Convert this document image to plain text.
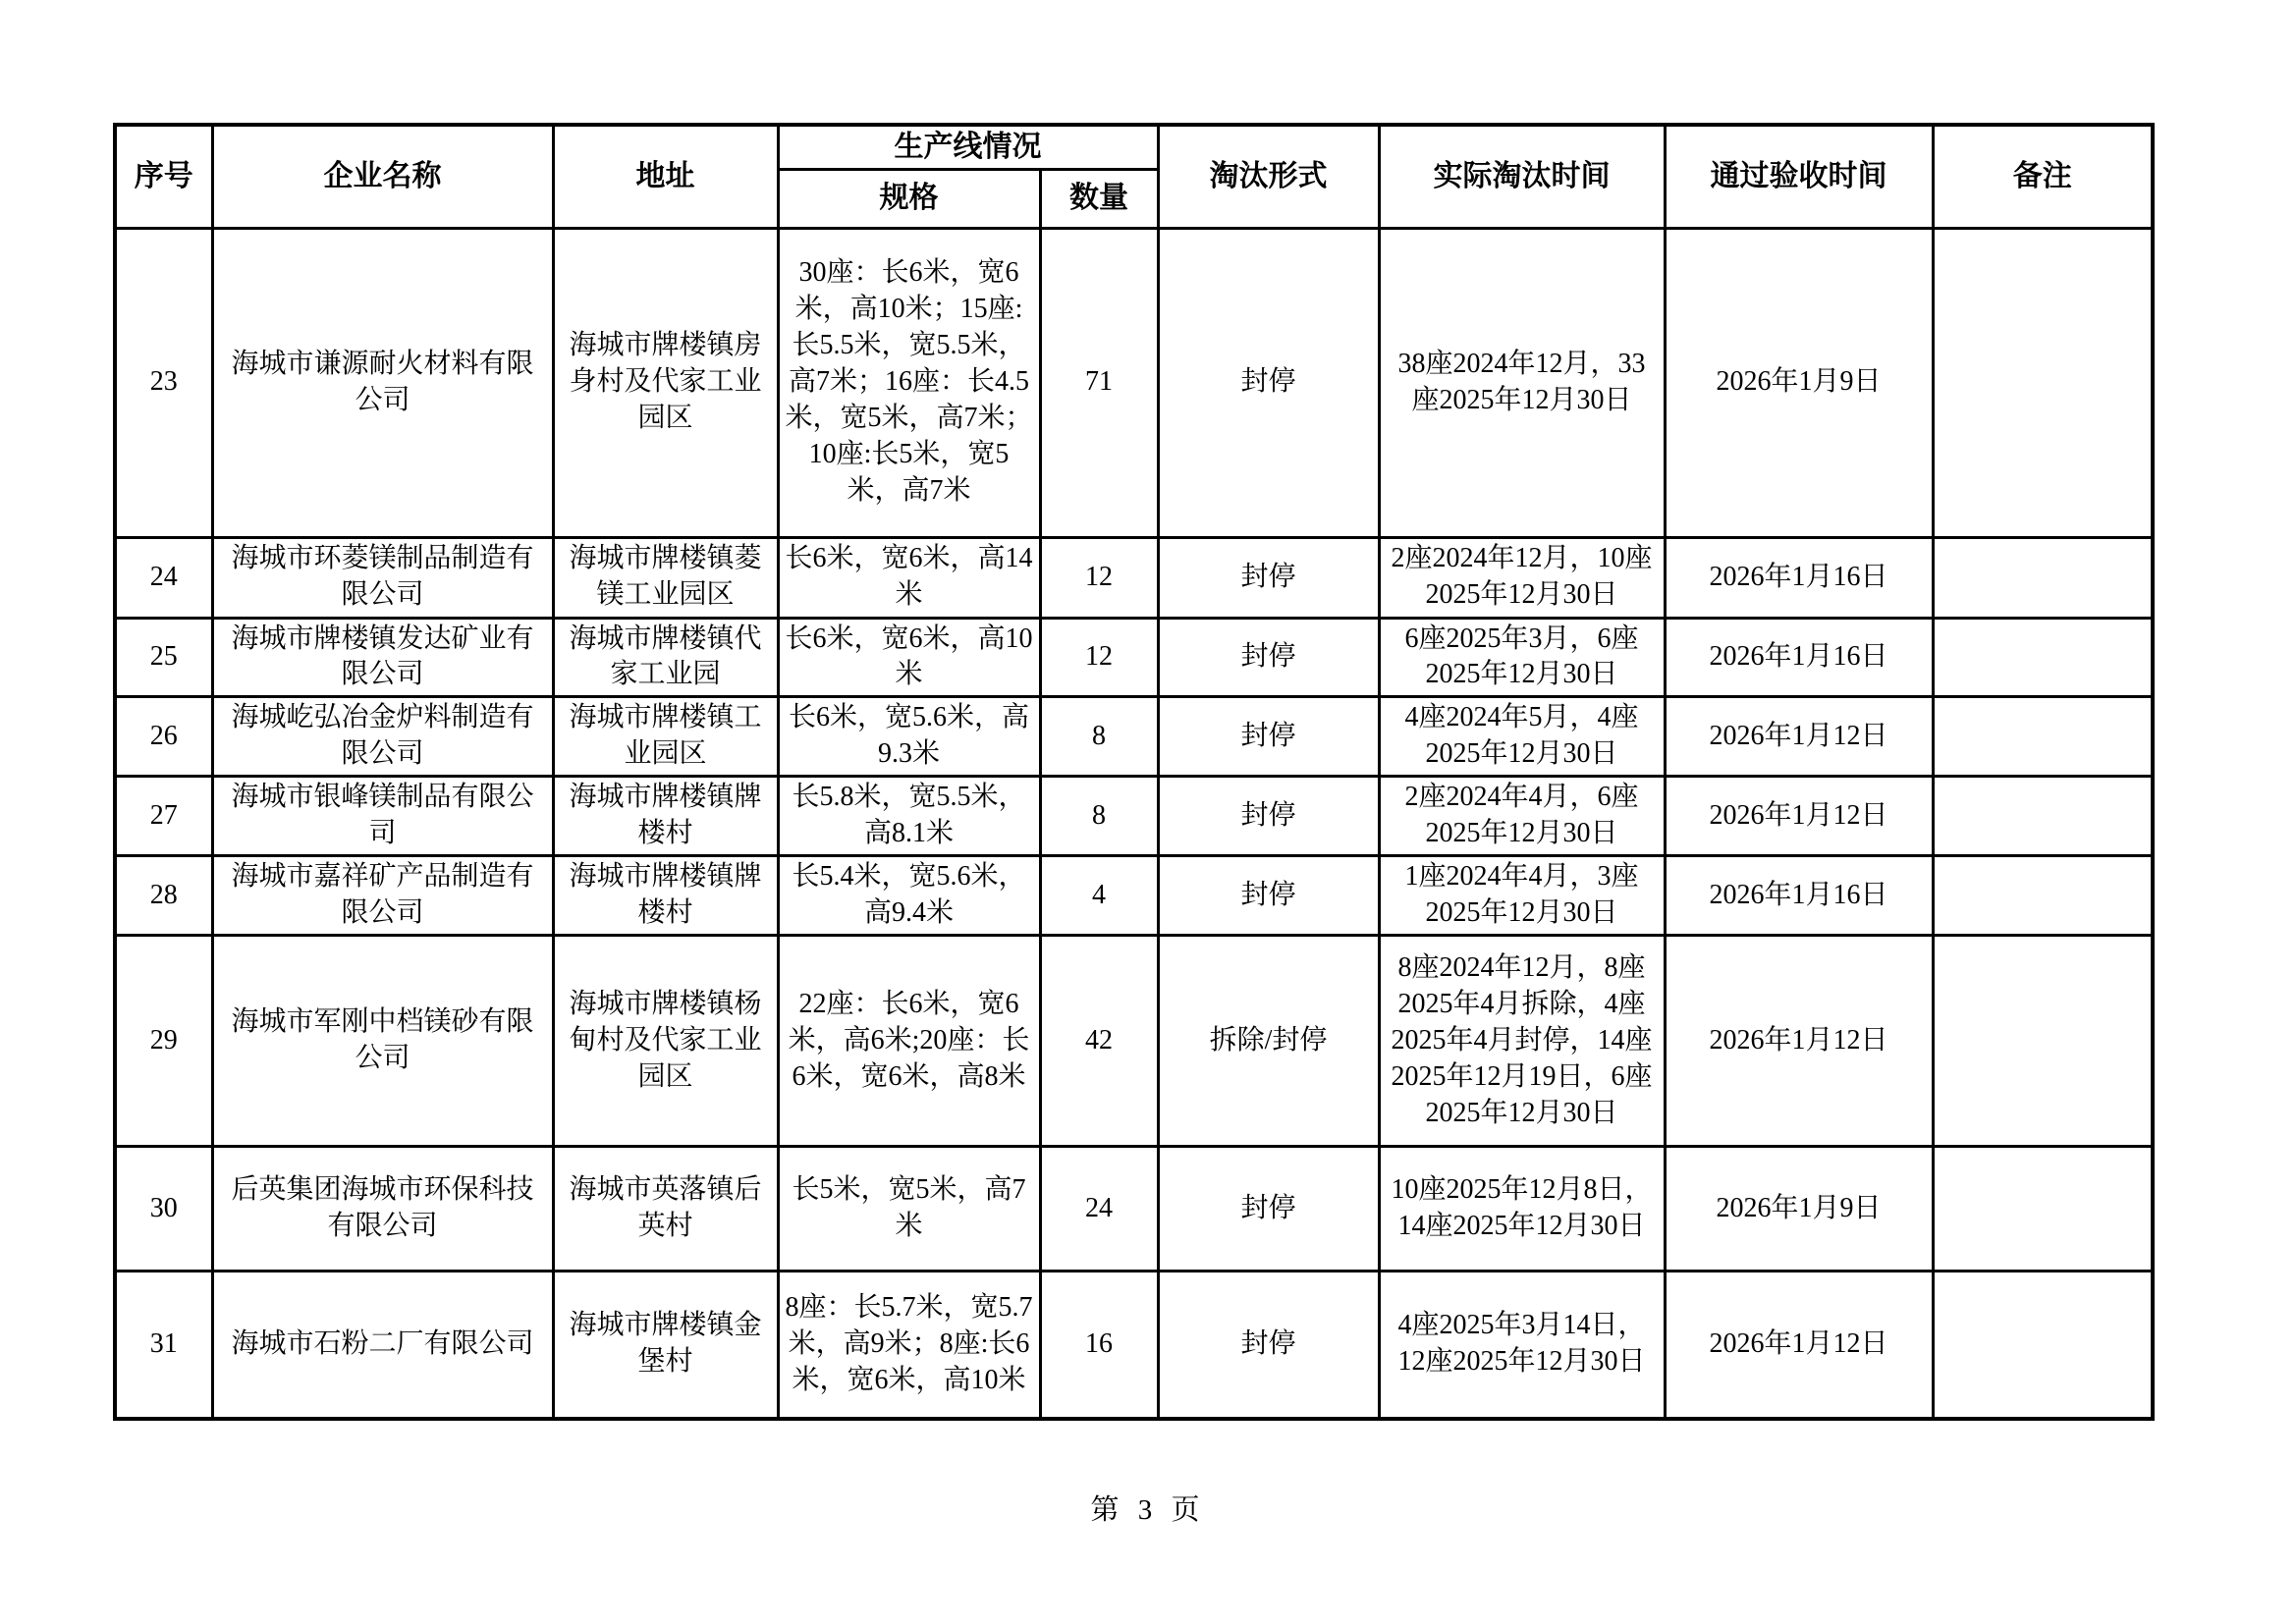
序号	企业名称	地址	生产线情况		淘汰形式	实际淘汰时间	通过验收时间	备注
			规格	数量				
23	海城市谦源耐火材料有限公司	海城市牌楼镇房身村及代家工业园区	30座：长6米，宽6米，高10米；15座:长5.5米，宽5.5米，高7米；16座：长4.5米，宽5米，高7米；10座:长5米，宽5米，高7米	71	封停	38座2024年12月，33座2025年12月30日	2026年1月9日	
24	海城市环菱镁制品制造有限公司	海城市牌楼镇菱镁工业园区	长6米，宽6米，高14米	12	封停	2座2024年12月，10座2025年12月30日	2026年1月16日	
25	海城市牌楼镇发达矿业有限公司	海城市牌楼镇代家工业园	长6米，宽6米，高10米	12	封停	6座2025年3月，6座2025年12月30日	2026年1月16日	
26	海城屹弘冶金炉料制造有限公司	海城市牌楼镇工业园区	长6米，宽5.6米，高9.3米	8	封停	4座2024年5月，4座2025年12月30日	2026年1月12日	
27	海城市银峰镁制品有限公司	海城市牌楼镇牌楼村	长5.8米，宽5.5米，高8.1米	8	封停	2座2024年4月，6座2025年12月30日	2026年1月12日	
28	海城市嘉祥矿产品制造有限公司	海城市牌楼镇牌楼村	长5.4米，宽5.6米，高9.4米	4	封停	1座2024年4月，3座2025年12月30日	2026年1月16日	
29	海城市军刚中档镁砂有限公司	海城市牌楼镇杨甸村及代家工业园区	22座：长6米，宽6米，高6米;20座：长6米，宽6米，高8米	42	拆除/封停	8座2024年12月，8座2025年4月拆除，4座2025年4月封停，14座2025年12月19日，6座2025年12月30日	2026年1月12日	
30	后英集团海城市环保科技有限公司	海城市英落镇后英村	长5米，宽5米，高7米	24	封停	10座2025年12月8日，14座2025年12月30日	2026年1月9日	
31	海城市石粉二厂有限公司	海城市牌楼镇金堡村	8座：长5.7米，宽5.7米，高9米；8座:长6米，宽6米，高10米	16	封停	4座2025年3月14日，12座2025年12月30日	2026年1月12日	
第 3 页
